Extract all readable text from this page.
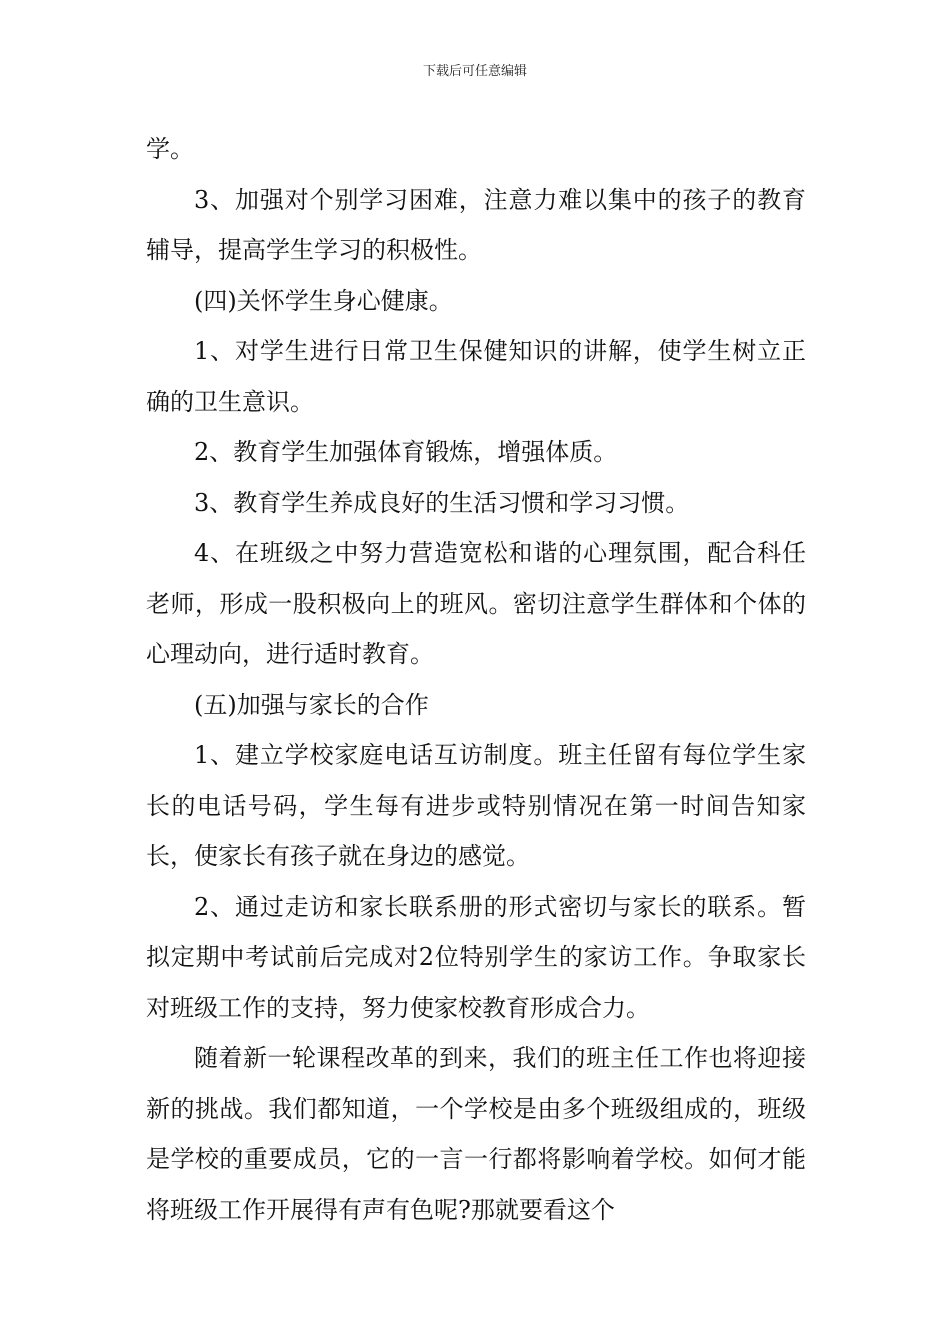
下载后可任意编辑

学。

3、加强对个别学习困难，注意力难以集中的孩子的教育辅导，提高学生学习的积极性。

(四)关怀学生身心健康。

1、对学生进行日常卫生保健知识的讲解，使学生树立正确的卫生意识。

2、教育学生加强体育锻炼，增强体质。

3、教育学生养成良好的生活习惯和学习习惯。

4、在班级之中努力营造宽松和谐的心理氛围，配合科任老师，形成一股积极向上的班风。密切注意学生群体和个体的心理动向，进行适时教育。

(五)加强与家长的合作

1、建立学校家庭电话互访制度。班主任留有每位学生家长的电话号码，学生每有进步或特别情况在第一时间告知家长，使家长有孩子就在身边的感觉。

2、通过走访和家长联系册的形式密切与家长的联系。暂拟定期中考试前后完成对2位特别学生的家访工作。争取家长对班级工作的支持，努力使家校教育形成合力。

随着新一轮课程改革的到来，我们的班主任工作也将迎接新的挑战。我们都知道，一个学校是由多个班级组成的，班级是学校的重要成员，它的一言一行都将影响着学校。如何才能将班级工作开展得有声有色呢?那就要看这个
